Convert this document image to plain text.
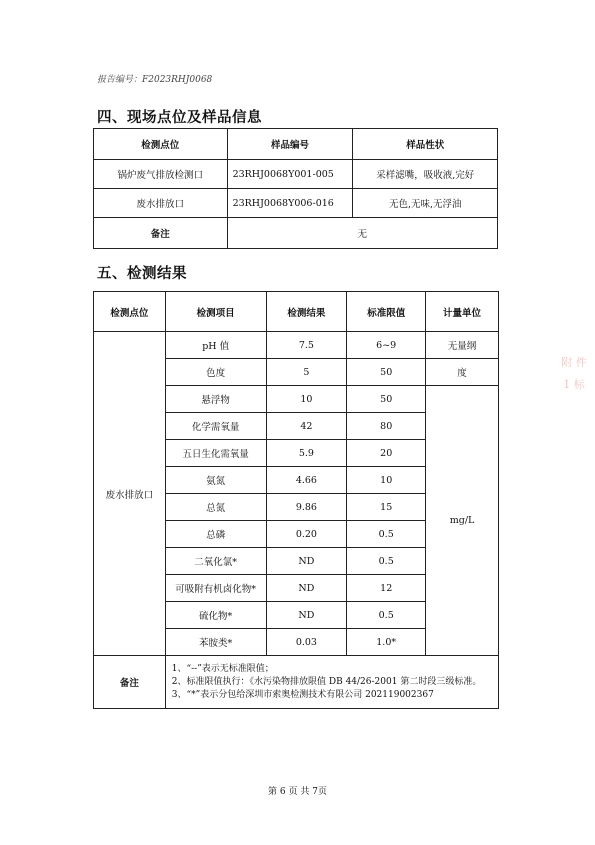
报告编号：F2023RHJ0068
四、现场点位及样品信息
检测点位	样品编号	样品性状
锅炉废气排放检测口	23RHJ0068Y001-005	采样滤嘴，吸收液,完好
废水排放口	23RHJ0068Y006-016	无色,无味,无浮油
备注	无	
五、检测结果
检测点位	检测项目	检测结果	标准限值	计量单位
废水排放口	pH 值	7.5	6~9	无量纲
	色度	5	50	度
	悬浮物	10	50	mg/L
	化学需氧量	42	80	
	五日生化需氧量	5.9	20	
	氨氮	4.66	10	
	总氮	9.86	15	
	总磷	0.20	0.5	
	二氧化氯*	ND	0.5	
	可吸附有机卤化物*	ND	12	
	硫化物*	ND	0.5	
	苯胺类*	0.03	1.0*	
备注	1、“--”表示无标准限值；
2、标准限值执行：《水污染物排放限值 DB 44/26-2001 第二时段三级标准。
3、“*”表示分包给深圳市索奥检测技术有限公司 202119002367			
第 6 页 共 7页
附 件 1 标
